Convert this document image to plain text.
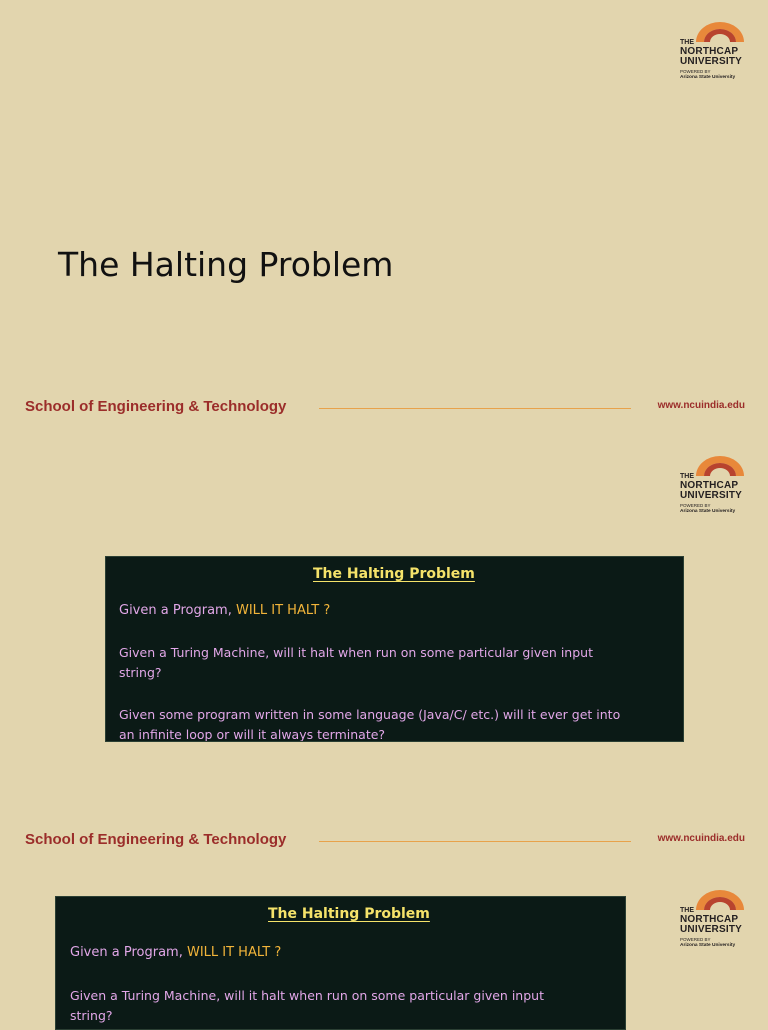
THE
NORTHCAP
UNIVERSITY
POWERED BY
Arizona State University
The Halting Problem
School of Engineering & Technology	www.ncuindia.edu
THE
NORTHCAP
UNIVERSITY
POWERED BY
Arizona State University
The Halting Problem
Given a Program, WILL IT HALT ?
Given a Turing Machine, will it halt when run on some particular given input
string?
Given some program written in some language (Java/C/ etc.) will it ever get into
an infinite loop or will it always terminate?
School of Engineering & Technology	www.ncuindia.edu
THE
NORTHCAP
UNIVERSITY
POWERED BY
Arizona State University
The Halting Problem
Given a Program, WILL IT HALT ?
Given a Turing Machine, will it halt when run on some particular given input
string?
